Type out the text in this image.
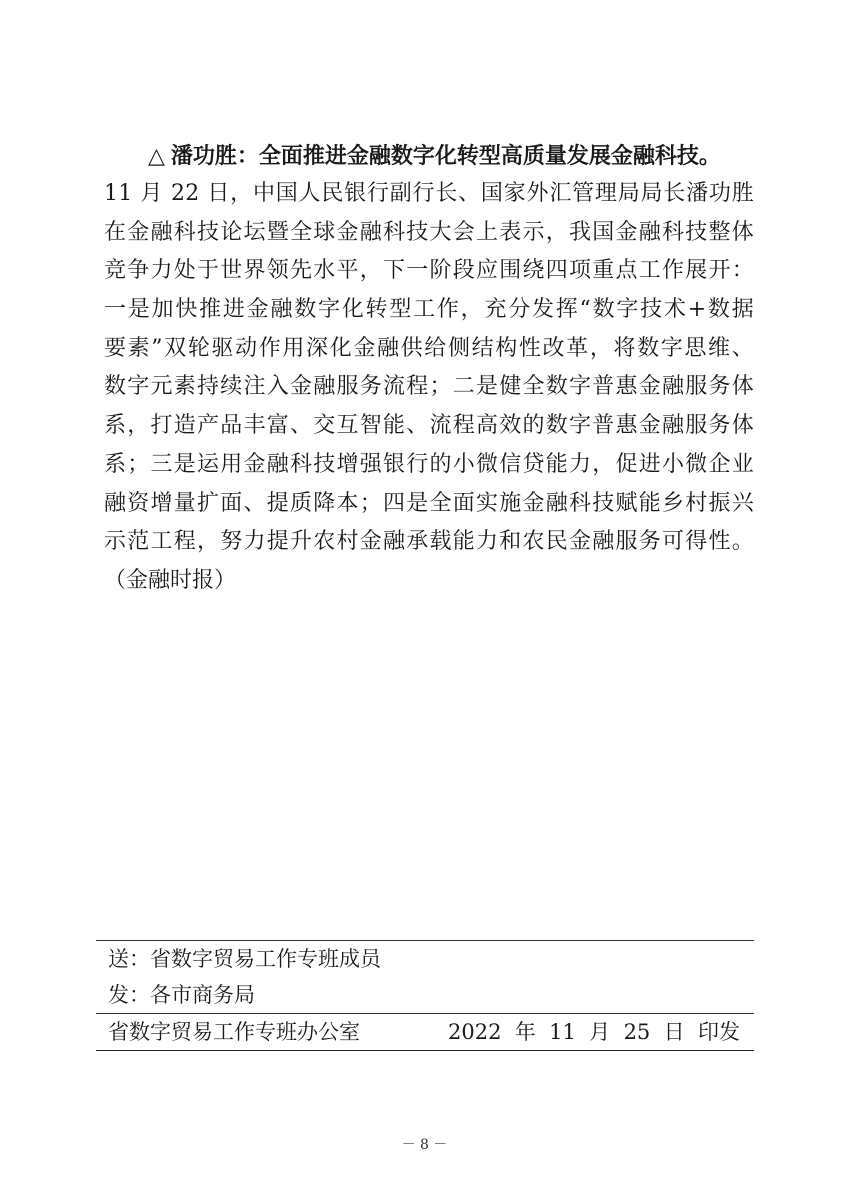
△ 潘功胜：全面推进金融数字化转型高质量发展金融科技。
11 月 22 日，中国人民银行副行长、国家外汇管理局局长潘功胜
在金融科技论坛暨全球金融科技大会上表示，我国金融科技整体
竞争力处于世界领先水平，下一阶段应围绕四项重点工作展开：
一是加快推进金融数字化转型工作，充分发挥“数字技术+数据
要素”双轮驱动作用深化金融供给侧结构性改革，将数字思维、
数字元素持续注入金融服务流程；二是健全数字普惠金融服务体
系，打造产品丰富、交互智能、流程高效的数字普惠金融服务体
系；三是运用金融科技增强银行的小微信贷能力，促进小微企业
融资增量扩面、提质降本；四是全面实施金融科技赋能乡村振兴
示范工程，努力提升农村金融承载能力和农民金融服务可得性。
（金融时报）
送：省数字贸易工作专班成员
发：各市商务局
省数字贸易工作专班办公室	2022  年  11  月  25  日  印发
－ 8 －
